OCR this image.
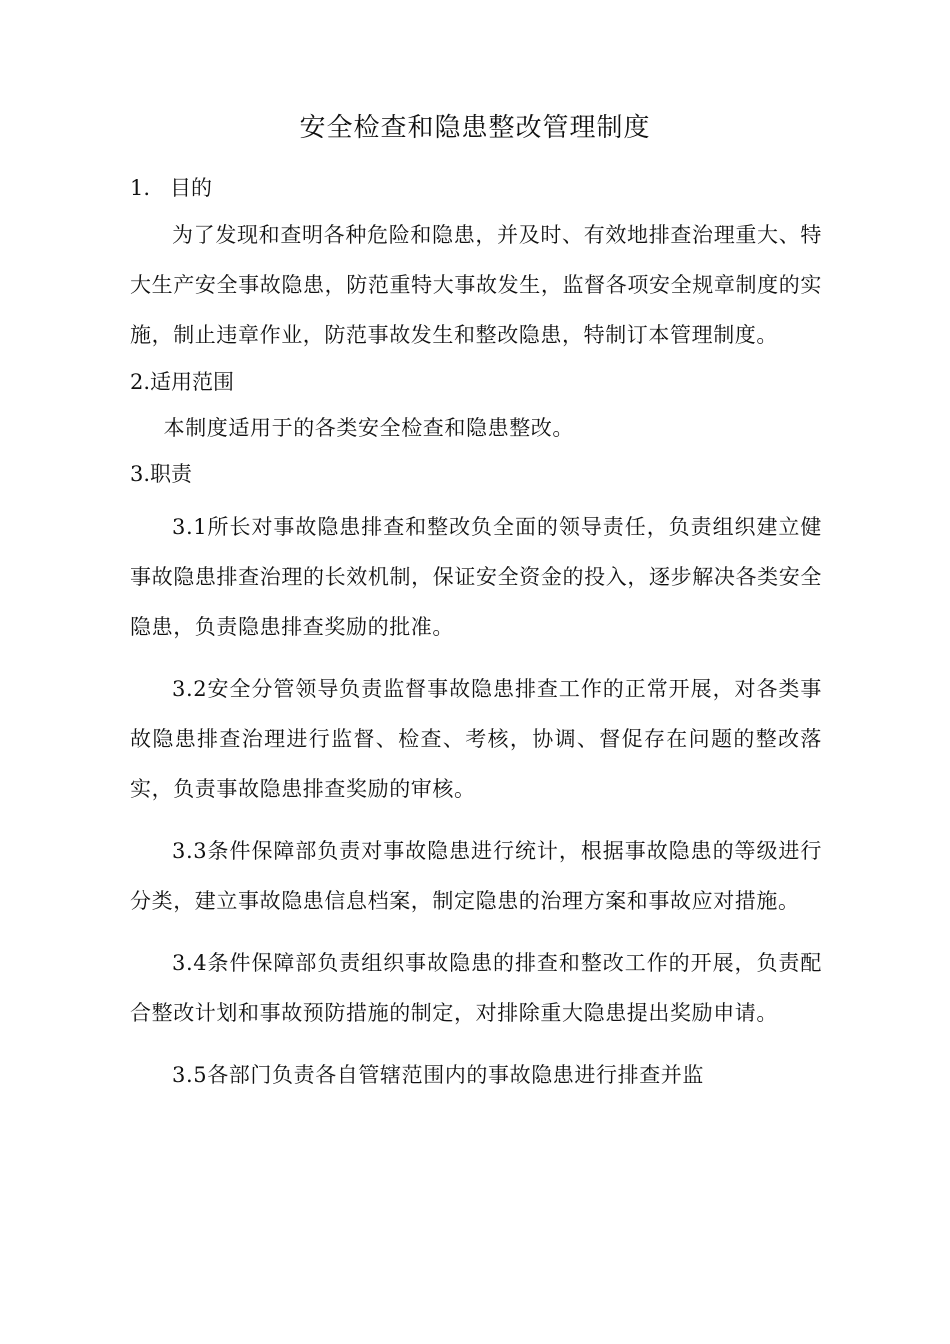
安全检查和隐患整改管理制度
1.   目的

为了发现和查明各种危险和隐患，并及时、有效地排查治理重大、特大生产安全事故隐患，防范重特大事故发生，监督各项安全规章制度的实施，制止违章作业，防范事故发生和整改隐患，特制订本管理制度。

2.适用范围

本制度适用于的各类安全检查和隐患整改。

3.职责

3.1所长对事故隐患排查和整改负全面的领导责任，负责组织建立健事故隐患排查治理的长效机制，保证安全资金的投入，逐步解决各类安全隐患，负责隐患排查奖励的批准。

3.2安全分管领导负责监督事故隐患排查工作的正常开展，对各类事故隐患排查治理进行监督、检查、考核，协调、督促存在问题的整改落实，负责事故隐患排查奖励的审核。

3.3条件保障部负责对事故隐患进行统计，根据事故隐患的等级进行分类，建立事故隐患信息档案，制定隐患的治理方案和事故应对措施。

3.4条件保障部负责组织事故隐患的排查和整改工作的开展，负责配合整改计划和事故预防措施的制定，对排除重大隐患提出奖励申请。

3.5各部门负责各自管辖范围内的事故隐患进行排查并监
